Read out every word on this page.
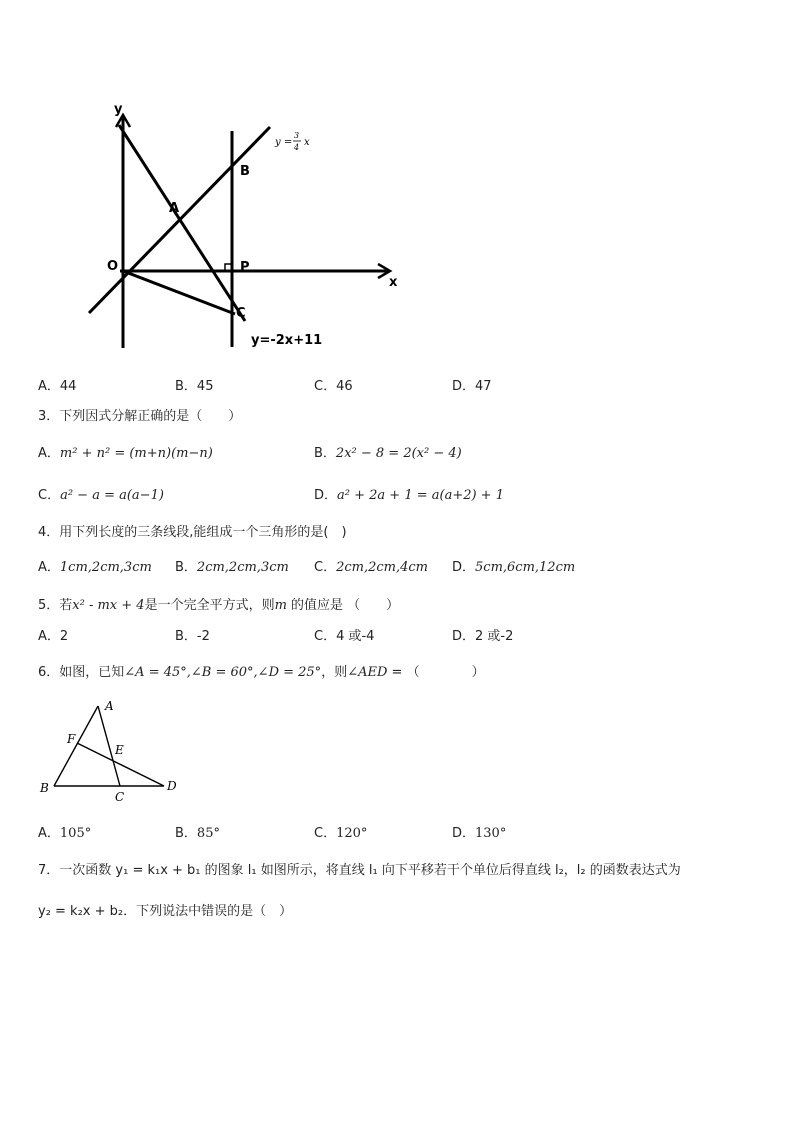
y
x
O
A
B
P
C
y=-2x+11
y =
3
4 x
A．44	B．45	C．46	D．47
3．下列因式分解正确的是（　　）
A．m² + n² = (m+n)(m−n)	B．2x² − 8 = 2(x² − 4)
C．a² − a = a(a−1)	D．a² + 2a + 1 = a(a+2) + 1
4．用下列长度的三条线段,能组成一个三角形的是(　)
A．1cm,2cm,3cm B．2cm,2cm,3cm C．2cm,2cm,4cm D．5cm,6cm,12cm
5．若x² - mx + 4是一个完全平方式，则m 的值应是 （　　）
A．2	B．-2	C．4 或-4	D．2 或-2
6．如图，已知∠A = 45°,∠B = 60°,∠D = 25°，则∠AED = （　　　　）
A
B
C
D
E
F
A．105°	B．85°	C．120°	D．130°
7．一次函数 y₁ = k₁x + b₁ 的图象 l₁ 如图所示，将直线 l₁ 向下平移若干个单位后得直线 l₂，l₂ 的函数表达式为
y₂ = k₂x + b₂．下列说法中错误的是（　）
